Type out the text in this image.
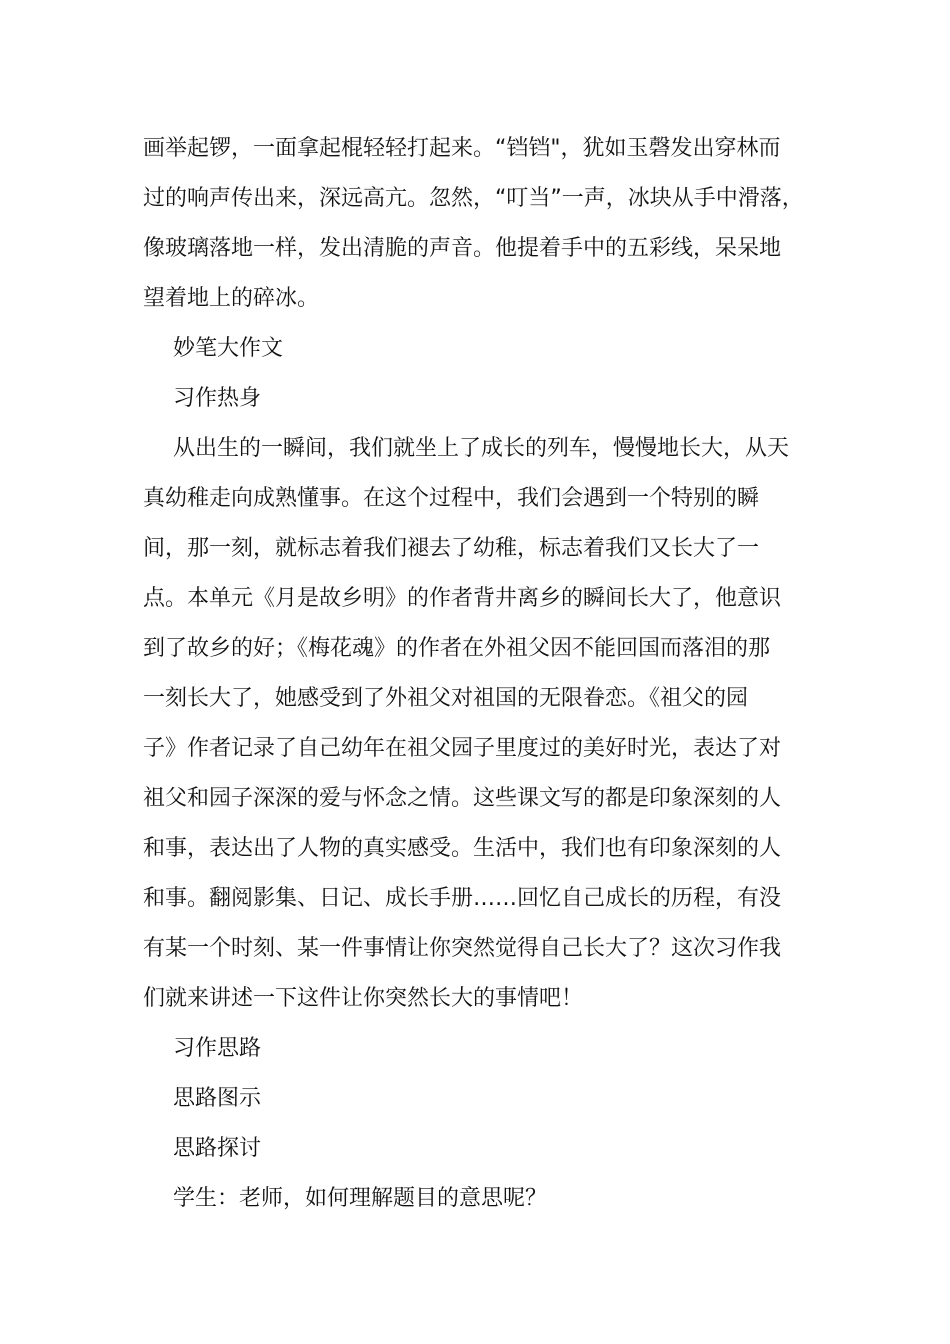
画举起锣，一面拿起棍轻轻打起来。“铛铛"，犹如玉磬发出穿林而
过的响声传出来，深远高亢。忽然，“叮当”一声，冰块从手中滑落，
像玻璃落地一样，发出清脆的声音。他提着手中的五彩线，呆呆地
望着地上的碎冰。
妙笔大作文
习作热身
从出生的一瞬间，我们就坐上了成长的列车，慢慢地长大，从天
真幼稚走向成熟懂事。在这个过程中，我们会遇到一个特别的瞬
间，那一刻，就标志着我们褪去了幼稚，标志着我们又长大了一
点。本单元《月是故乡明》的作者背井离乡的瞬间长大了，他意识
到了故乡的好；《梅花魂》的作者在外祖父因不能回国而落泪的那
一刻长大了，她感受到了外祖父对祖国的无限眷恋。《祖父的园
子》作者记录了自己幼年在祖父园子里度过的美好时光，表达了对
祖父和园子深深的爱与怀念之情。这些课文写的都是印象深刻的人
和事，表达出了人物的真实感受。生活中，我们也有印象深刻的人
和事。翻阅影集、日记、成长手册……回忆自己成长的历程，有没
有某一个时刻、某一件事情让你突然觉得自己长大了？这次习作我
们就来讲述一下这件让你突然长大的事情吧！
习作思路
思路图示
思路探讨
学生：老师，如何理解题目的意思呢？
